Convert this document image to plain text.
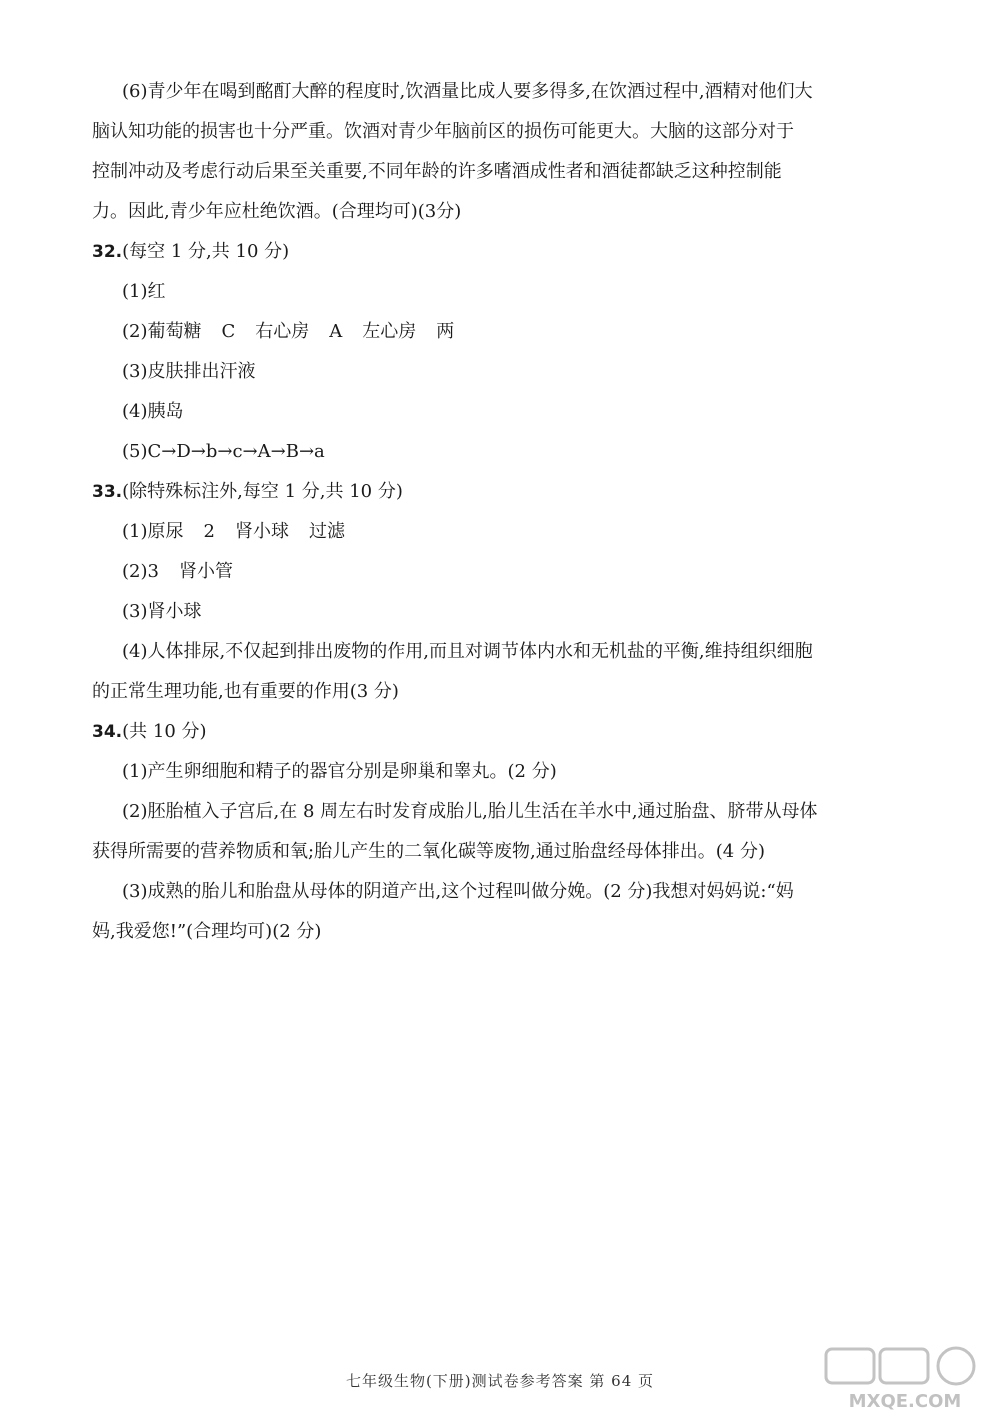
(6)青少年在喝到酩酊大醉的程度时,饮酒量比成人要多得多,在饮酒过程中,酒精对他们大
脑认知功能的损害也十分严重。饮酒对青少年脑前区的损伤可能更大。大脑的这部分对于
控制冲动及考虑行动后果至关重要,不同年龄的许多嗜酒成性者和酒徒都缺乏这种控制能
力。因此,青少年应杜绝饮酒。(合理均可)(3分)
32.(每空 1 分,共 10 分)
(1)红
(2)葡萄糖 C 右心房 A 左心房 两
(3)皮肤排出汗液
(4)胰岛
(5)C→D→b→c→A→B→a
33.(除特殊标注外,每空 1 分,共 10 分)
(1)原尿 2 肾小球 过滤
(2)3 肾小管
(3)肾小球
(4)人体排尿,不仅起到排出废物的作用,而且对调节体内水和无机盐的平衡,维持组织细胞
的正常生理功能,也有重要的作用(3 分)
34.(共 10 分)
(1)产生卵细胞和精子的器官分别是卵巢和睾丸。(2 分)
(2)胚胎植入子宫后,在 8 周左右时发育成胎儿,胎儿生活在羊水中,通过胎盘、脐带从母体
获得所需要的营养物质和氧;胎儿产生的二氧化碳等废物,通过胎盘经母体排出。(4 分)
(3)成熟的胎儿和胎盘从母体的阴道产出,这个过程叫做分娩。(2 分)我想对妈妈说:“妈
妈,我爱您!”(合理均可)(2 分)
七年级生物(下册)测试卷参考答案 第 64 页
MXQE.COM
